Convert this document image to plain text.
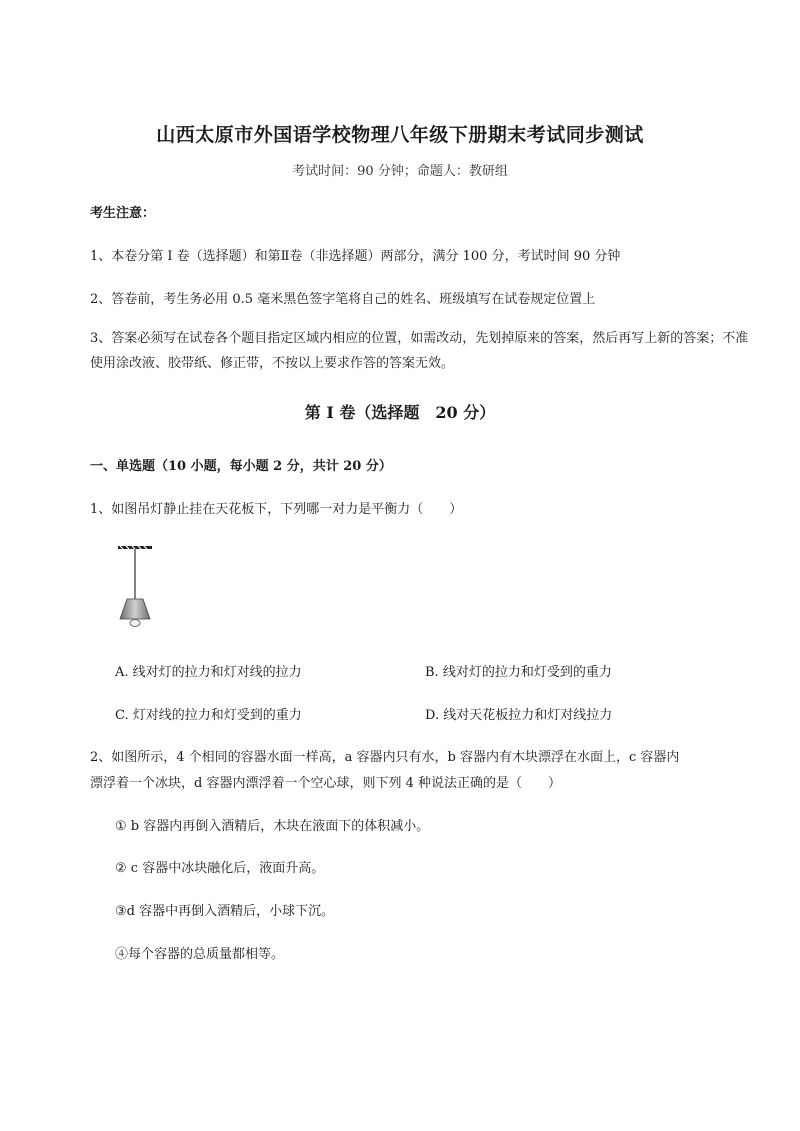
山西太原市外国语学校物理八年级下册期末考试同步测试
考试时间：90 分钟；命题人：教研组
考生注意：
1、本卷分第 I 卷（选择题）和第Ⅱ卷（非选择题）两部分，满分 100 分，考试时间 90 分钟
2、答卷前，考生务必用 0.5 毫米黑色签字笔将自己的姓名、班级填写在试卷规定位置上
3、答案必须写在试卷各个题目指定区域内相应的位置，如需改动，先划掉原来的答案，然后再写上新的答案；不准使用涂改液、胶带纸、修正带，不按以上要求作答的答案无效。
第 I 卷（选择题　20 分）
一、单选题（10 小题，每小题 2 分，共计 20 分）
1、如图吊灯静止挂在天花板下，下列哪一对力是平衡力（　　）
A. 线对灯的拉力和灯对线的拉力	B. 线对灯的拉力和灯受到的重力
C. 灯对线的拉力和灯受到的重力	D. 线对天花板拉力和灯对线拉力
2、如图所示，4 个相同的容器水面一样高，a 容器内只有水，b 容器内有木块漂浮在水面上，c 容器内
漂浮着一个冰块，d 容器内漂浮着一个空心球，则下列 4 种说法正确的是（　　）
① b 容器内再倒入酒精后，木块在液面下的体积减小。
② c 容器中冰块融化后，液面升高。
③d 容器中再倒入酒精后，小球下沉。
④每个容器的总质量都相等。
